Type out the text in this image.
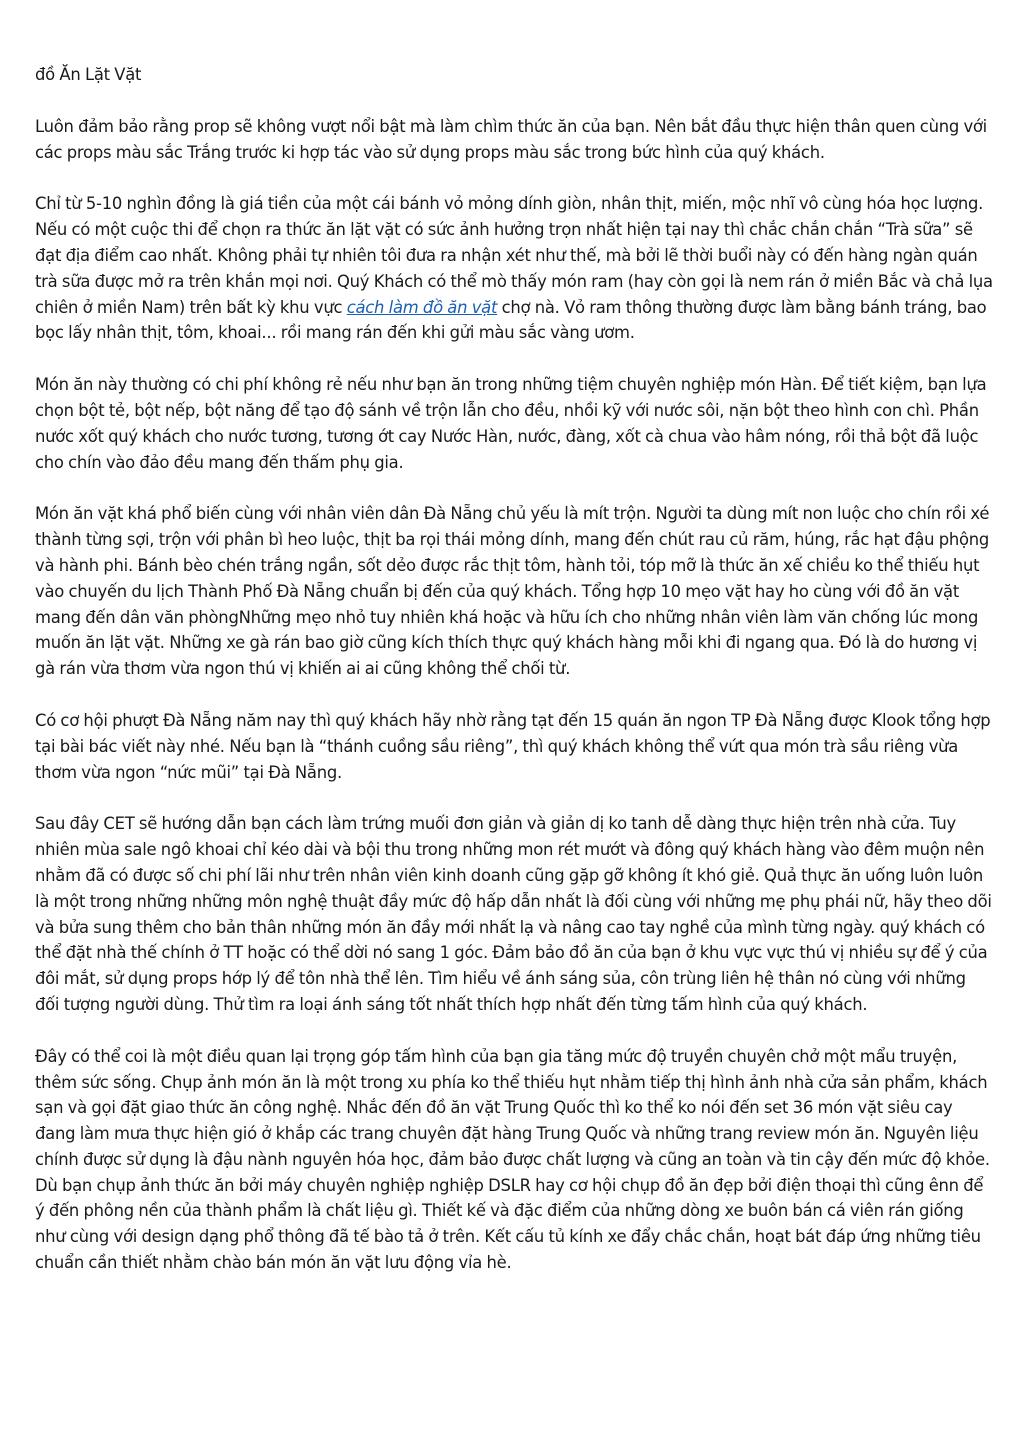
đồ Ăn Lặt Vặt

Luôn đảm bảo rằng prop sẽ không vượt nổi bật mà làm chìm thức ăn của bạn. Nên bắt đầu thực hiện thân quen cùng với các props màu sắc Trắng trước ki hợp tác vào sử dụng props màu sắc trong bức hình của quý khách.

Chỉ từ 5-10 nghìn đồng là giá tiền của một cái bánh vỏ mỏng dính giòn, nhân thịt, miến, mộc nhĩ vô cùng hóa học lượng. Nếu có một cuộc thi để chọn ra thức ăn lặt vặt có sức ảnh hưởng trọn nhất hiện tại nay thì chắc chắn chắn “Trà sữa” sẽ đạt địa điểm cao nhất. Không phải tự nhiên tôi đưa ra nhận xét như thế, mà bởi lẽ thời buổi này có đến hàng ngàn quán trà sữa được mở ra trên khắn mọi nơi. Quý Khách có thể mò thấy món ram (hay còn gọi là nem rán ở miền Bắc và chả lụa chiên ở miền Nam) trên bất kỳ khu vực cách làm đồ ăn vặt chợ nà. Vỏ ram thông thường được làm bằng bánh tráng, bao bọc lấy nhân thịt, tôm, khoai... rồi mang rán đến khi gửi màu sắc vàng ươm.

Món ăn này thường có chi phí không rẻ nếu như bạn ăn trong những tiệm chuyên nghiệp món Hàn. Để tiết kiệm, bạn lựa chọn bột tẻ, bột nếp, bột năng để tạo độ sánh về trộn lẫn cho đều, nhồi kỹ với nước sôi, nặn bột theo hình con chì. Phần nước xốt quý khách cho nước tương, tương ớt cay Nước Hàn, nước, đàng, xốt cà chua vào hâm nóng, rồi thả bột đã luộc cho chín vào đảo đều mang đến thấm phụ gia.

Món ăn vặt khá phổ biến cùng với nhân viên dân Đà Nẵng chủ yếu là mít trộn. Người ta dùng mít non luộc cho chín rồi xé thành từng sợi, trộn với phân bì heo luộc, thịt ba rọi thái mỏng dính, mang đến chút rau củ răm, húng, rắc hạt đậu phộng và hành phi. Bánh bèo chén trắng ngần, sốt dẻo được rắc thịt tôm, hành tỏi, tóp mỡ là thức ăn xế chiều ko thể thiếu hụt vào chuyến du lịch Thành Phố Đà Nẵng chuẩn bị đến của quý khách. Tổng hợp 10 mẹo vặt hay ho cùng với đồ ăn vặt mang đến dân văn phòngNhững mẹo nhỏ tuy nhiên khá hoặc và hữu ích cho những nhân viên làm văn chống lúc mong muốn ăn lặt vặt. Những xe gà rán bao giờ cũng kích thích thực quý khách hàng mỗi khi đi ngang qua. Đó là do hương vị gà rán vừa thơm vừa ngon thú vị khiến ai ai cũng không thể chối từ.

Có cơ hội phượt Đà Nẵng năm nay thì quý khách hãy nhờ rằng tạt đến 15 quán ăn ngon TP Đà Nẵng được Klook tổng hợp tại bài bác viết này nhé. Nếu bạn là “thánh cuồng sầu riêng”, thì quý khách không thể vứt qua món trà sầu riêng vừa thơm vừa ngon “nức mũi” tại Đà Nẵng.

Sau đây CET sẽ hướng dẫn bạn cách làm trứng muối đơn giản và giản dị ko tanh dễ dàng thực hiện trên nhà cửa. Tuy nhiên mùa sale ngô khoai chỉ kéo dài và bội thu trong những mon rét mướt và đông quý khách hàng vào đêm muộn nên nhằm đã có được số chi phí lãi như trên nhân viên kinh doanh cũng gặp gỡ không ít khó giẻ. Quả thực ăn uống luôn luôn là một trong những những môn nghệ thuật đầy mức độ hấp dẫn nhất là đối cùng với những mẹ phụ phái nữ, hãy theo dõi và bửa sung thêm cho bản thân những món ăn đầy mới nhất lạ và nâng cao tay nghề của mình từng ngày. quý khách có thể đặt nhà thế chính ở TT hoặc có thể dời nó sang 1 góc. Đảm bảo đồ ăn của bạn ở khu vực vực thú vị nhiều sự để ý của đôi mắt, sử dụng props hớp lý để tôn nhà thể lên. Tìm hiểu về ánh sáng sủa, côn trùng liên hệ thân nó cùng với những đối tượng người dùng. Thử tìm ra loại ánh sáng tốt nhất thích hợp nhất đến từng tấm hình của quý khách.

Đây có thể coi là một điều quan lại trọng góp tấm hình của bạn gia tăng mức độ truyền chuyên chở một mẩu truyện, thêm sức sống. Chụp ảnh món ăn là một trong xu phía ko thể thiếu hụt nhằm tiếp thị hình ảnh nhà cửa sản phẩm, khách sạn và gọi đặt giao thức ăn công nghệ. Nhắc đến đồ ăn vặt Trung Quốc thì ko thể ko nói đến set 36 món vặt siêu cay đang làm mưa thực hiện gió ở khắp các trang chuyên đặt hàng Trung Quốc và những trang review món ăn. Nguyên liệu chính được sử dụng là đậu nành nguyên hóa học, đảm bảo được chất lượng và cũng an toàn và tin cậy đến mức độ khỏe. Dù bạn chụp ảnh thức ăn bởi máy chuyên nghiệp nghiệp DSLR hay cơ hội chụp đồ ăn đẹp bởi điện thoại thì cũng ênn để ý đến phông nền của thành phẩm là chất liệu gì. Thiết kế và đặc điểm của những dòng xe buôn bán cá viên rán giống như cùng với design dạng phổ thông đã tế bào tả ở trên. Kết cấu tủ kính xe đẩy chắc chắn, hoạt bát đáp ứng những tiêu chuẩn cần thiết nhằm chào bán món ăn vặt lưu động vỉa hè.
